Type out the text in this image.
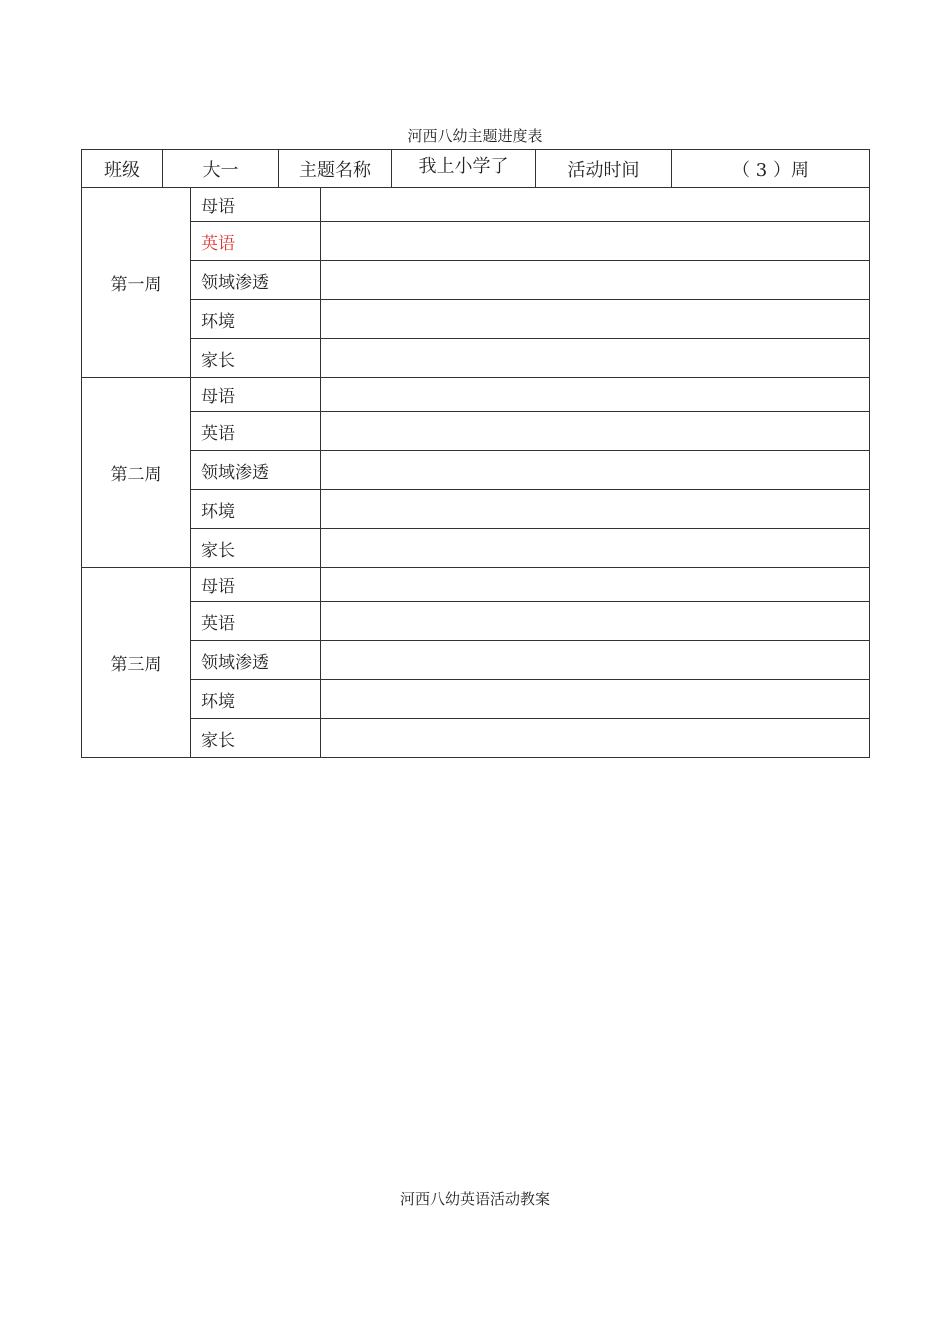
河西八幼主题进度表
班级	大一	主题名称	我上小学了	活动时间	（ 3 ）周
第一周	母语	
	英语	
	领域渗透	
	环境	
	家长	
第二周	母语	
	英语	
	领域渗透	
	环境	
	家长	
第三周	母语	
	英语	
	领域渗透	
	环境	
	家长	
河西八幼英语活动教案
